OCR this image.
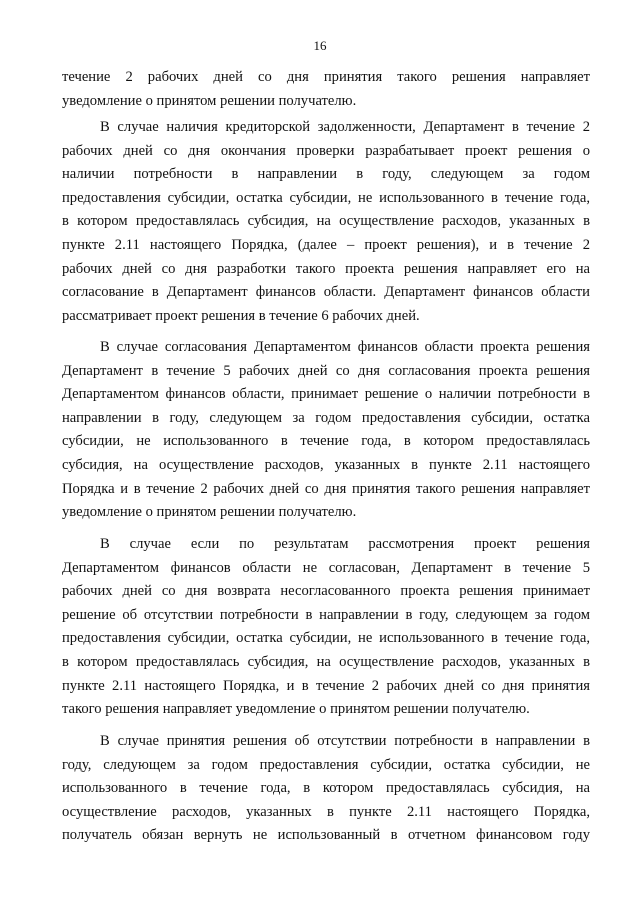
16
течение 2 рабочих дней со дня принятия такого решения направляет
уведомление о принятом решении получателю.
В случае наличия кредиторской задолженности, Департамент в течение 2
рабочих дней со дня окончания проверки разрабатывает проект решения о
наличии потребности в направлении в году, следующем за годом
предоставления субсидии, остатка субсидии, не использованного в течение года,
в котором предоставлялась субсидия, на осуществление расходов, указанных в
пункте 2.11 настоящего Порядка, (далее – проект решения), и в течение 2
рабочих дней со дня разработки такого проекта решения направляет его на
согласование в Департамент финансов области. Департамент финансов области
рассматривает проект решения в течение 6 рабочих дней.
В случае согласования Департаментом финансов области проекта решения
Департамент в течение 5 рабочих дней со дня согласования проекта решения
Департаментом финансов области, принимает решение о наличии потребности в
направлении в году, следующем за годом предоставления субсидии, остатка
субсидии, не использованного в течение года, в котором предоставлялась
субсидия, на осуществление расходов, указанных в пункте 2.11 настоящего
Порядка и в течение 2 рабочих дней со дня принятия такого решения направляет
уведомление о принятом решении получателю.
В случае если по результатам рассмотрения проект решения
Департаментом финансов области не согласован, Департамент в течение 5
рабочих дней со дня возврата несогласованного проекта решения принимает
решение об отсутствии потребности в направлении в году, следующем за годом
предоставления субсидии, остатка субсидии, не использованного в течение года,
в котором предоставлялась субсидия, на осуществление расходов, указанных в
пункте 2.11 настоящего Порядка, и в течение 2 рабочих дней со дня принятия
такого решения направляет уведомление о принятом решении получателю.
В случае принятия решения об отсутствии потребности в направлении в
году, следующем за годом предоставления субсидии, остатка субсидии, не
использованного в течение года, в котором предоставлялась субсидия, на
осуществление расходов, указанных в пункте 2.11 настоящего Порядка,
получатель обязан вернуть не использованный в отчетном финансовом году
